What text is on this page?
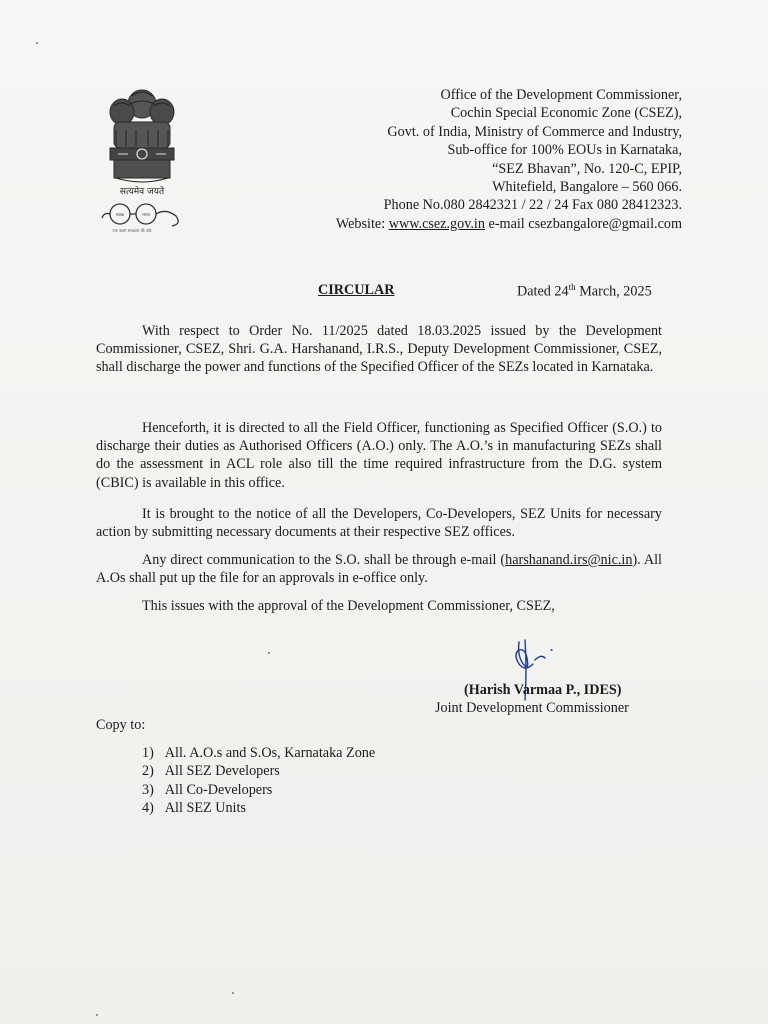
सत्यमेव जयते
स्वच्छ	भारत
एक कदम स्वच्छता की ओर
Office of the Development Commissioner,
Cochin Special Economic Zone (CSEZ),
Govt. of India, Ministry of Commerce and Industry,
Sub-office for 100% EOUs in Karnataka,
“SEZ Bhavan”, No. 120-C, EPIP,
Whitefield, Bangalore – 560 066.
Phone No.080 2842321 / 22 / 24 Fax 080 28412323.
Website: www.csez.gov.in e-mail csezbangalore@gmail.com
CIRCULAR	Dated 24th March, 2025

With respect to Order No. 11/2025 dated 18.03.2025 issued by the Development Commissioner, CSEZ, Shri. G.A. Harshanand, I.R.S., Deputy Development Commissioner, CSEZ, shall discharge the power and functions of the Specified Officer of the SEZs located in Karnataka.

Henceforth, it is directed to all the Field Officer, functioning as Specified Officer (S.O.) to discharge their duties as Authorised Officers (A.O.) only. The A.O.’s in manufacturing SEZs shall do the assessment in ACL role also till the time required infrastructure from the D.G. system (CBIC) is available in this office.

It is brought to the notice of all the Developers, Co-Developers, SEZ Units for necessary action by submitting necessary documents at their respective SEZ offices.

Any direct communication to the S.O. shall be through e-mail (harshanand.irs@nic.in). All A.Os shall put up the file for an approvals in e-office only.

This issues with the approval of the Development Commissioner, CSEZ,

(Harish Varmaa P., IDES)
Joint Development Commissioner
Copy to:
1) All. A.O.s and S.Os, Karnataka Zone
2) All SEZ Developers
3) All Co-Developers
4) All SEZ Units
